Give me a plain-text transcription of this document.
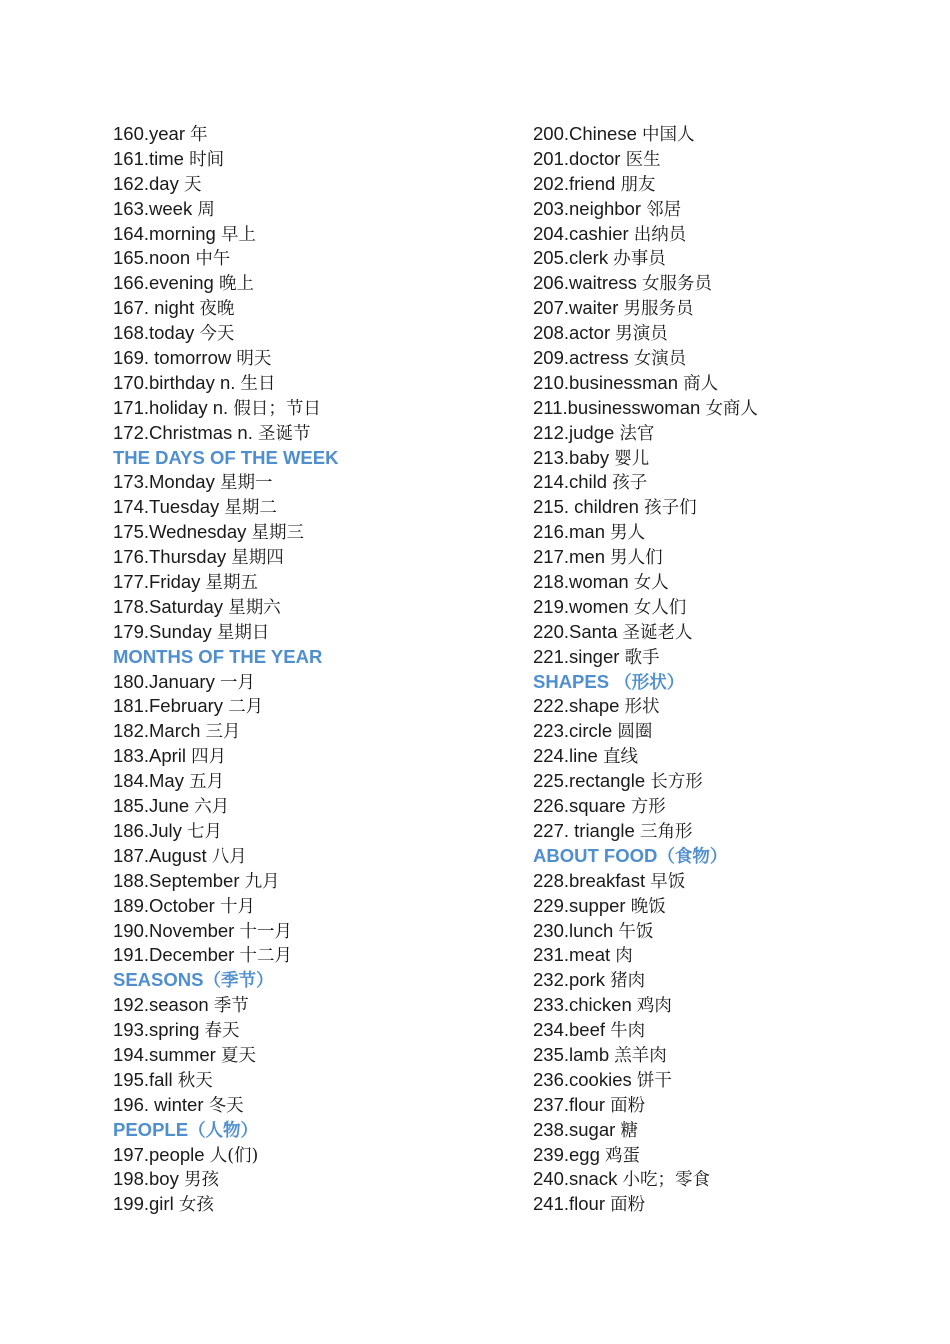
160.year 年
161.time 时间
162.day 天
163.week 周
164.morning 早上
165.noon 中午
166.evening 晚上
167. night 夜晚
168.today 今天
169. tomorrow 明天
170.birthday n. 生日
171.holiday n. 假日；节日
172.Christmas n. 圣诞节
THE DAYS OF THE WEEK
173.Monday 星期一
174.Tuesday 星期二
175.Wednesday 星期三
176.Thursday 星期四
177.Friday 星期五
178.Saturday 星期六
179.Sunday 星期日
MONTHS OF THE YEAR
180.January 一月
181.February 二月
182.March 三月
183.April 四月
184.May 五月
185.June 六月
186.July 七月
187.August 八月
188.September 九月
189.October 十月
190.November 十一月
191.December 十二月
SEASONS（季节）
192.season 季节
193.spring 春天
194.summer 夏天
195.fall 秋天
196. winter 冬天
PEOPLE（人物）
197.people 人(们)
198.boy 男孩
199.girl 女孩
200.Chinese 中国人
201.doctor 医生
202.friend 朋友
203.neighbor 邻居
204.cashier 出纳员
205.clerk 办事员
206.waitress 女服务员
207.waiter 男服务员
208.actor 男演员
209.actress 女演员
210.businessman 商人
211.businesswoman 女商人
212.judge 法官
213.baby 婴儿
214.child 孩子
215. children 孩子们
216.man 男人
217.men 男人们
218.woman 女人
219.women 女人们
220.Santa 圣诞老人
221.singer 歌手
SHAPES （形状）
222.shape 形状
223.circle 圆圈
224.line 直线
225.rectangle 长方形
226.square 方形
227. triangle 三角形
ABOUT FOOD（食物）
228.breakfast 早饭
229.supper 晚饭
230.lunch 午饭
231.meat 肉
232.pork 猪肉
233.chicken 鸡肉
234.beef 牛肉
235.lamb 羔羊肉
236.cookies 饼干
237.flour 面粉
238.sugar 糖
239.egg 鸡蛋
240.snack 小吃；零食
241.flour 面粉
